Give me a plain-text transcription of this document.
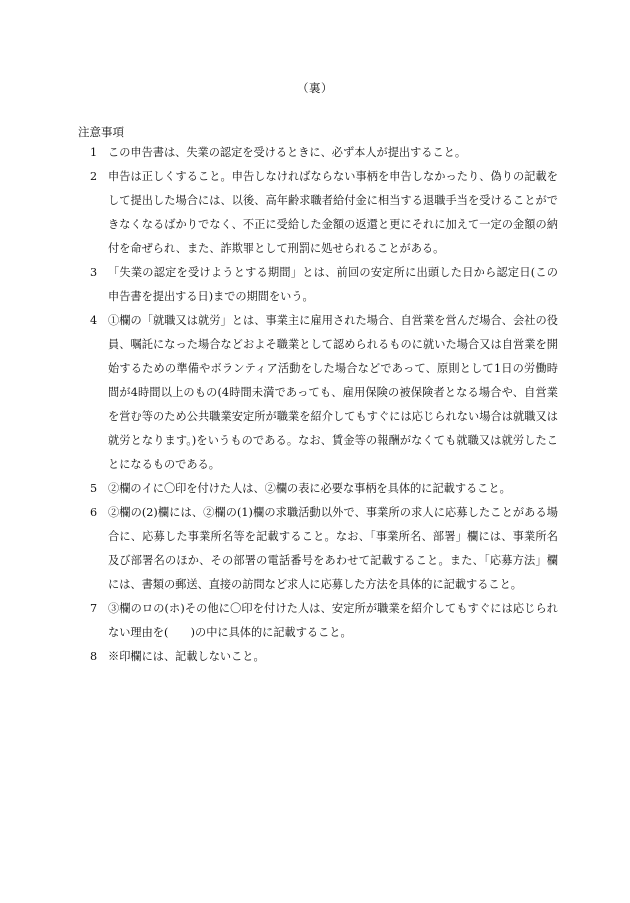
（裏）
注意事項
1 この申告書は、失業の認定を受けるときに、必ず本人が提出すること。
2 申告は正しくすること。申告しなければならない事柄を申告しなかったり、偽りの記載をして提出した場合には、以後、高年齢求職者給付金に相当する退職手当を受けることができなくなるばかりでなく、不正に受給した金額の返還と更にそれに加えて一定の金額の納付を命ぜられ、また、詐欺罪として刑罰に処せられることがある。
3 「失業の認定を受けようとする期間」とは、前回の安定所に出頭した日から認定日(この申告書を提出する日)までの期間をいう。
4 ①欄の「就職又は就労」とは、事業主に雇用された場合、自営業を営んだ場合、会社の役員、嘱託になった場合などおよそ職業として認められるものに就いた場合又は自営業を開始するための準備やボランティア活動をした場合などであって、原則として1日の労働時間が4時間以上のもの(4時間未満であっても、雇用保険の被保険者となる場合や、自営業を営む等のため公共職業安定所が職業を紹介してもすぐには応じられない場合は就職又は就労となります。)をいうものである。なお、賃金等の報酬がなくても就職又は就労したことになるものである。
5 ②欄のイに〇印を付けた人は、②欄の表に必要な事柄を具体的に記載すること。
6 ②欄の(2)欄には、②欄の(1)欄の求職活動以外で、事業所の求人に応募したことがある場合に、応募した事業所名等を記載すること。なお、「事業所名、部署」欄には、事業所名及び部署名のほか、その部署の電話番号をあわせて記載すること。また、「応募方法」欄には、書類の郵送、直接の訪問など求人に応募した方法を具体的に記載すること。
7 ③欄のロの(ホ)その他に〇印を付けた人は、安定所が職業を紹介してもすぐには応じられない理由を(　　)の中に具体的に記載すること。
8 ※印欄には、記載しないこと。
